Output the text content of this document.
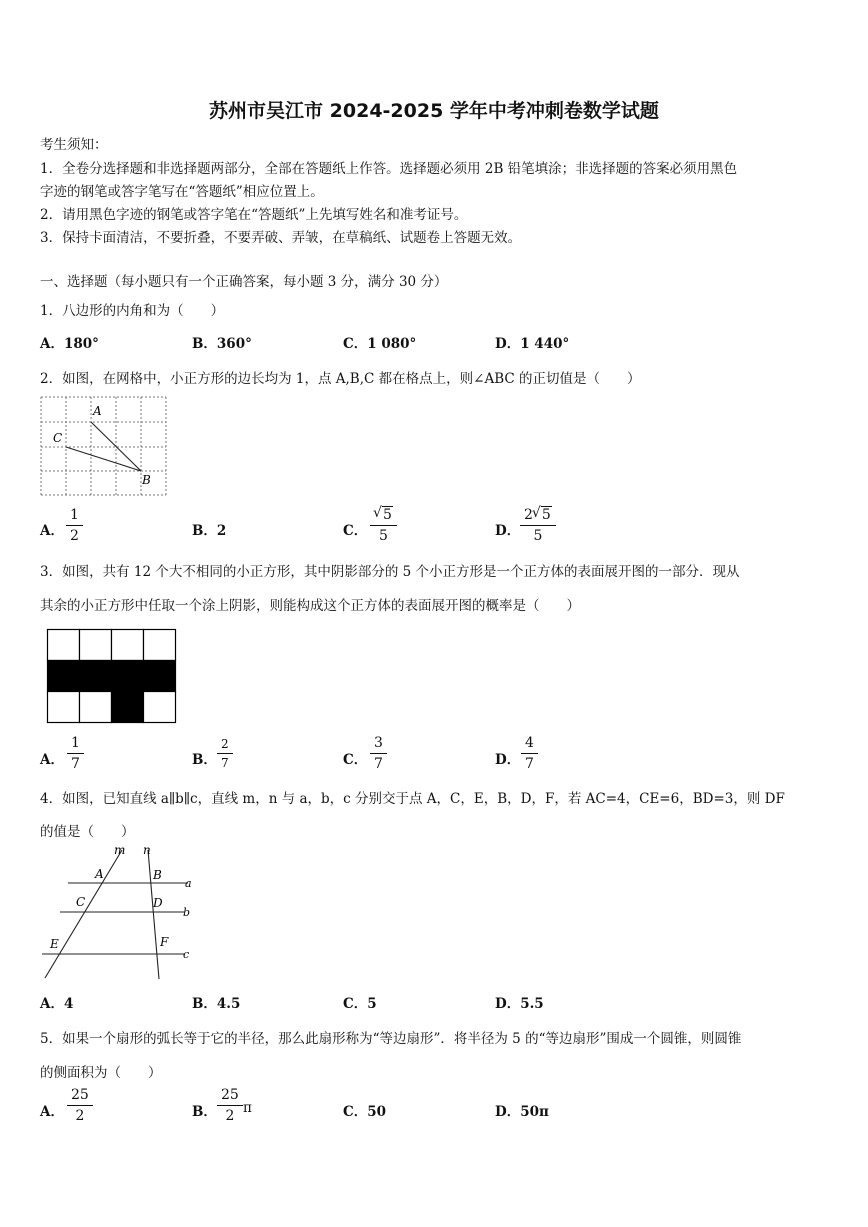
苏州市吴江市 2024-2025 学年中考冲刺卷数学试题
考生须知：
1．全卷分选择题和非选择题两部分，全部在答题纸上作答。选择题必须用 2B 铅笔填涂；非选择题的答案必须用黑色
字迹的钢笔或答字笔写在“答题纸”相应位置上。
2．请用黑色字迹的钢笔或答字笔在“答题纸”上先填写姓名和准考证号。
3．保持卡面清洁，不要折叠，不要弄破、弄皱，在草稿纸、试题卷上答题无效。
一、选择题（每小题只有一个正确答案，每小题 3 分，满分 30 分）
1．八边形的内角和为（　　）
A．180°	B．360°	C．1 080°	D．1 440°
2．如图，在网格中，小正方形的边长均为 1，点 A,B,C 都在格点上，则∠ABC 的正切值是（　　）
A
B
C
A． $\frac{1}{2}$	B．2	C． √ $\frac{5}{5}$	D． $\frac{2 √ 5}{5}$
3．如图，共有 12 个大不相同的小正方形，其中阴影部分的 5 个小正方形是一个正方体的表面展开图的一部分．现从
其余的小正方形中任取一个涂上阴影，则能构成这个正方体的表面展开图的概率是（　　）
A． $\frac{1}{7}$	B． $\frac{2}{7}$	C． $\frac{3}{7}$	D． $\frac{4}{7}$
4．如图，已知直线 a∥b∥c，直线 m，n 与 a，b，c 分别交于点 A，C，E，B，D，F，若 AC=4，CE=6，BD=3，则 DF
的值是（　　）
m n
A	B
C	D
E	F
a
b
c
A．4	B．4.5	C．5	D．5.5
5．如果一个扇形的弧长等于它的半径，那么此扇形称为“等边扇形”．将半径为 5 的“等边扇形”围成一个圆锥，则圆锥
的侧面积为（　　）
A． $\frac{25}{2}$	B． $\frac{25}{2}$ π	C．50	D．50π
